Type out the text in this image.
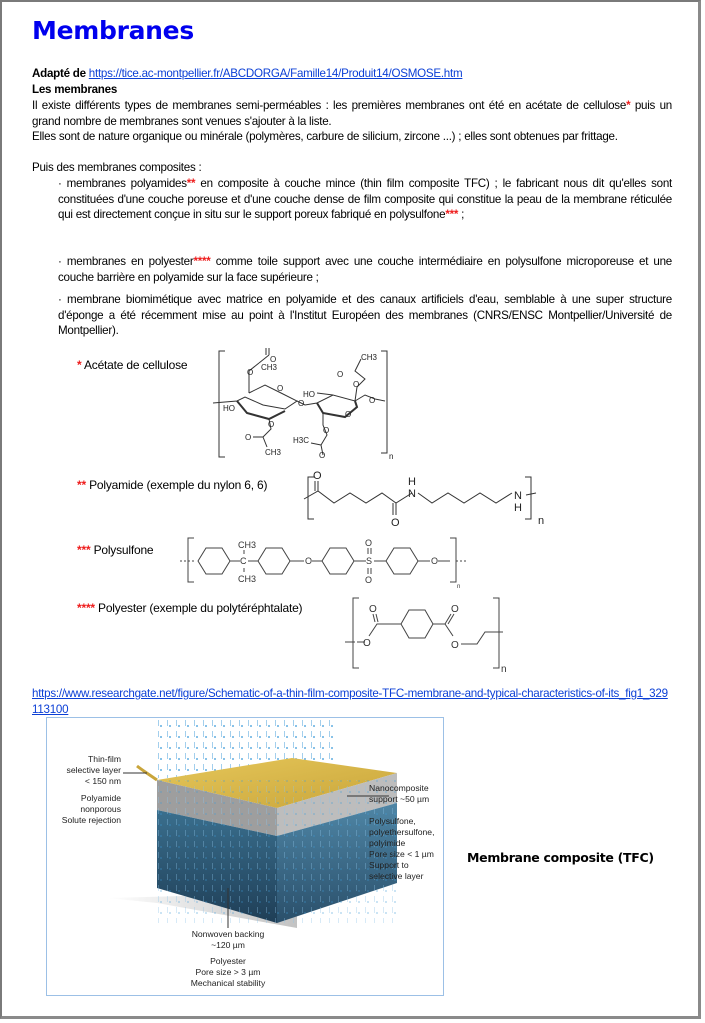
Membranes
Adapté de https://tice.ac-montpellier.fr/ABCDORGA/Famille14/Produit14/OSMOSE.htm
Les membranes
Il existe différents types de membranes semi-perméables : les premières membranes ont été en acétate de cellulose* puis un grand nombre de membranes sont venues s'ajouter à la liste.
Elles sont de nature organique ou minérale (polymères, carbure de silicium, zircone ...) ; elles sont obtenues par frittage.
Puis des membranes composites :
· membranes polyamides** en composite à couche mince (thin film composite TFC) ; le fabricant nous dit qu'elles sont constituées d'une couche poreuse et d'une couche dense de film composite qui constitue la peau de la membrane réticulée qui est directement conçue in situ sur le support poreux fabriqué en polysulfone*** ;
· membranes en polyester**** comme toile support avec une couche intermédiaire en polysulfone microporeuse et une couche barrière en polyamide sur la face supérieure ;
· membrane biomimétique avec matrice en polyamide et des canaux artificiels d'eau, semblable à une super structure d'éponge a été récemment mise au point à l'Institut Européen des membranes (CNRS/ENSC Montpellier/Université de Montpellier).
* Acétate de cellulose	O
CH3
O
O
HO
O
O
O
CH3
HO
O
O
O
CH3
O
O
H3C
O	n
** Polyamide (exemple du nylon 6, 6)
O
O
H
N	N
H
n
*** Polysulfone
C
CH3
CH3
O	S
O
O
O
n
**** Polyester (exemple du polytéréphtalate)
O
O	O
O
n
https://www.researchgate.net/figure/Schematic-of-a-thin-film-composite-TFC-membrane-and-typical-characteristics-of-its_fig1_329113100
Thin-film
selective layer
< 150 nm
Polyamide
nonporous
Solute rejection
Nanocomposite
support ~50 µm
Polysulfone,
polyethersulfone,
polyimide
Pore size < 1 µm
Support to
selective layer
Nonwoven backing
~120 µm
Polyester
Pore size > 3 µm
Mechanical stability
Membrane composite (TFC)
